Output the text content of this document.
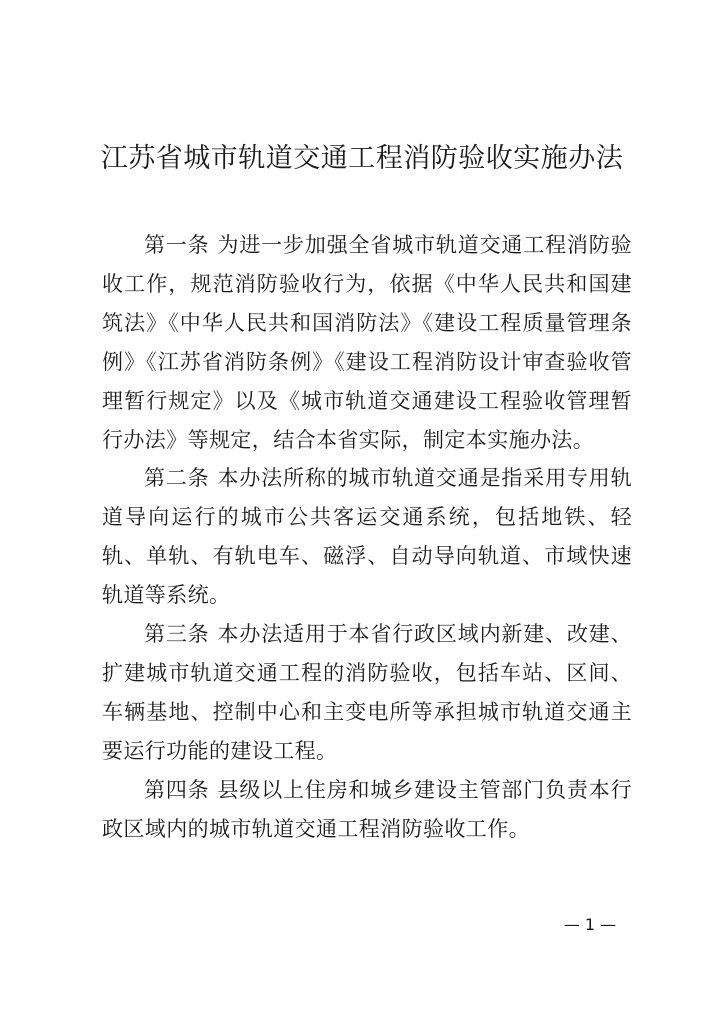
江苏省城市轨道交通工程消防验收实施办法

第一条 为进一步加强全省城市轨道交通工程消防验收工作，规范消防验收行为，依据《中华人民共和国建筑法》《中华人民共和国消防法》《建设工程质量管理条例》《江苏省消防条例》《建设工程消防设计审查验收管理暂行规定》以及《城市轨道交通建设工程验收管理暂行办法》等规定，结合本省实际，制定本实施办法。

第二条 本办法所称的城市轨道交通是指采用专用轨道导向运行的城市公共客运交通系统，包括地铁、轻轨、单轨、有轨电车、磁浮、自动导向轨道、市域快速轨道等系统。

第三条 本办法适用于本省行政区域内新建、改建、扩建城市轨道交通工程的消防验收，包括车站、区间、车辆基地、控制中心和主变电所等承担城市轨道交通主要运行功能的建设工程。

第四条 县级以上住房和城乡建设主管部门负责本行政区域内的城市轨道交通工程消防验收工作。

— 1 —
